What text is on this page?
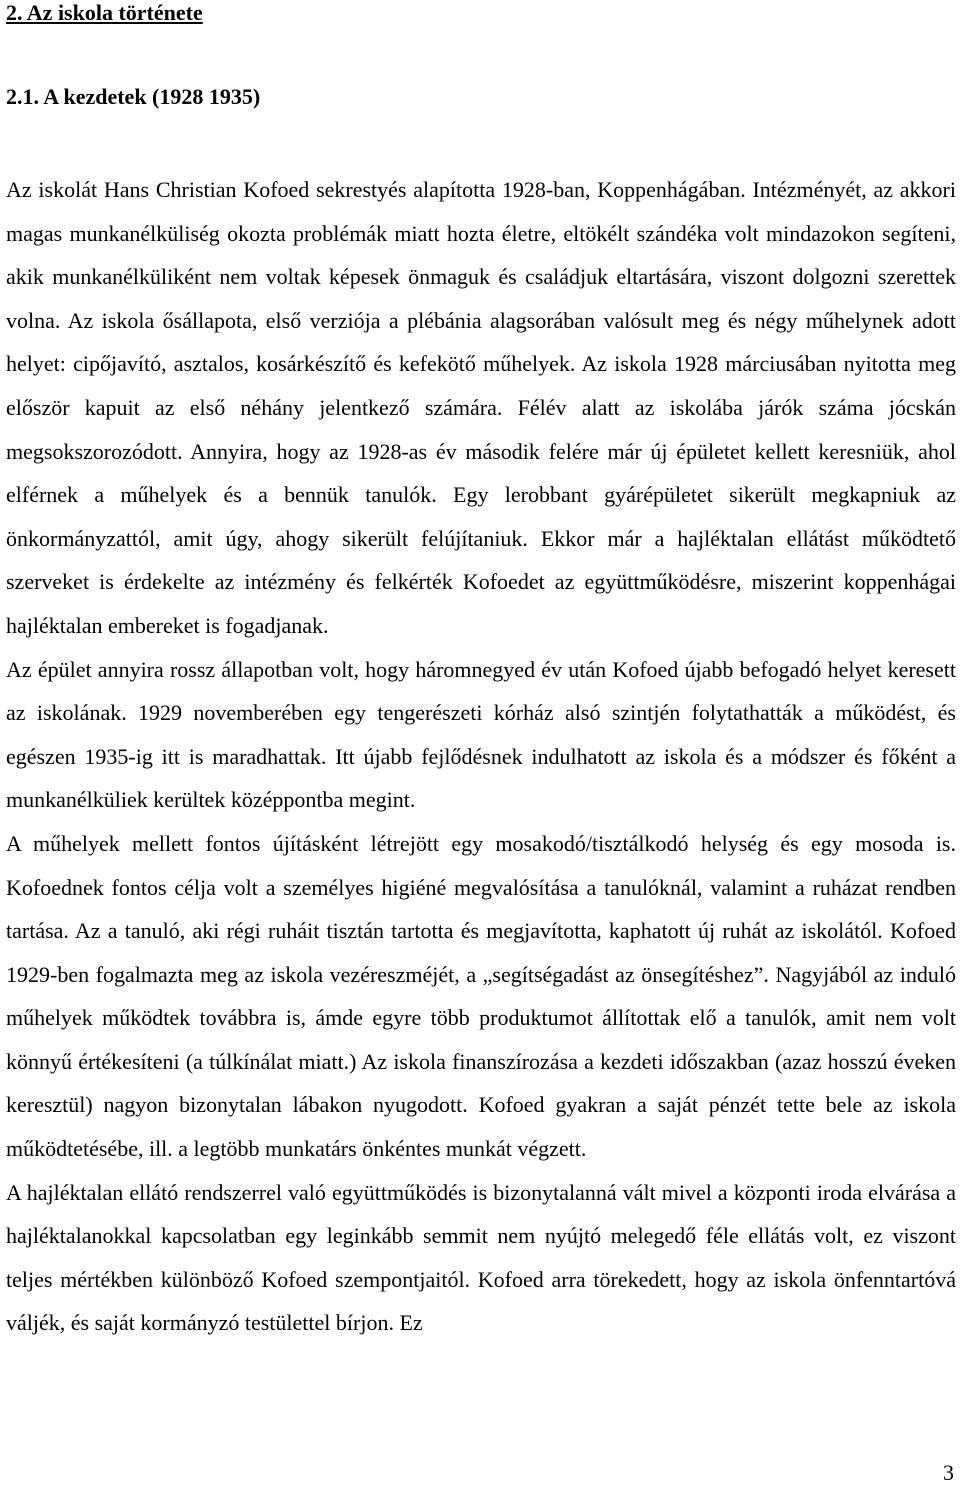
2. Az iskola története
2.1. A kezdetek (1928 1935)

Az iskolát Hans Christian Kofoed sekrestyés alapította 1928-ban, Koppenhágában. Intézményét, az akkori magas munkanélküliség okozta problémák miatt hozta életre, eltökélt szándéka volt mindazokon segíteni, akik munkanélküliként nem voltak képesek önmaguk és családjuk eltartására, viszont dolgozni szerettek volna. Az iskola ősállapota, első verziója a plébánia alagsorában valósult meg és négy műhelynek adott helyet: cipőjavító, asztalos, kosárkészítő és kefekötő műhelyek. Az iskola 1928 márciusában nyitotta meg először kapuit az első néhány jelentkező számára. Félév alatt az iskolába járók száma jócskán megsokszorozódott. Annyira, hogy az 1928-as év második felére már új épületet kellett keresniük, ahol elférnek a műhelyek és a bennük tanulók. Egy lerobbant gyárépületet sikerült megkapniuk az önkormányzattól, amit úgy, ahogy sikerült felújítaniuk. Ekkor már a hajléktalan ellátást működtető szerveket is érdekelte az intézmény és felkérték Kofoedet az együttműködésre, miszerint koppenhágai hajléktalan embereket is fogadjanak.

Az épület annyira rossz állapotban volt, hogy háromnegyed év után Kofoed újabb befogadó helyet keresett az iskolának. 1929 novemberében egy tengerészeti kórház alsó szintjén folytathatták a működést, és egészen 1935-ig itt is maradhattak. Itt újabb fejlődésnek indulhatott az iskola és a módszer és főként a munkanélküliek kerültek középpontba megint.

A műhelyek mellett fontos újításként létrejött egy mosakodó/tisztálkodó helység és egy mosoda is. Kofoednek fontos célja volt a személyes higiéné megvalósítása a tanulóknál, valamint a ruházat rendben tartása. Az a tanuló, aki régi ruháit tisztán tartotta és megjavította, kaphatott új ruhát az iskolától. Kofoed 1929-ben fogalmazta meg az iskola vezéreszméjét, a „segítségadást az önsegítéshez”. Nagyjából az induló műhelyek működtek továbbra is, ámde egyre több produktumot állítottak elő a tanulók, amit nem volt könnyű értékesíteni (a túlkínálat miatt.) Az iskola finanszírozása a kezdeti időszakban (azaz hosszú éveken keresztül) nagyon bizonytalan lábakon nyugodott. Kofoed gyakran a saját pénzét tette bele az iskola működtetésébe, ill. a legtöbb munkatárs önkéntes munkát végzett.

A hajléktalan ellátó rendszerrel való együttműködés is bizonytalanná vált mivel a központi iroda elvárása a hajléktalanokkal kapcsolatban egy leginkább semmit nem nyújtó melegedő féle ellátás volt, ez viszont teljes mértékben különböző Kofoed szempontjaitól. Kofoed arra törekedett, hogy az iskola önfenntartóvá váljék, és saját kormányzó testülettel bírjon. Ez

3
